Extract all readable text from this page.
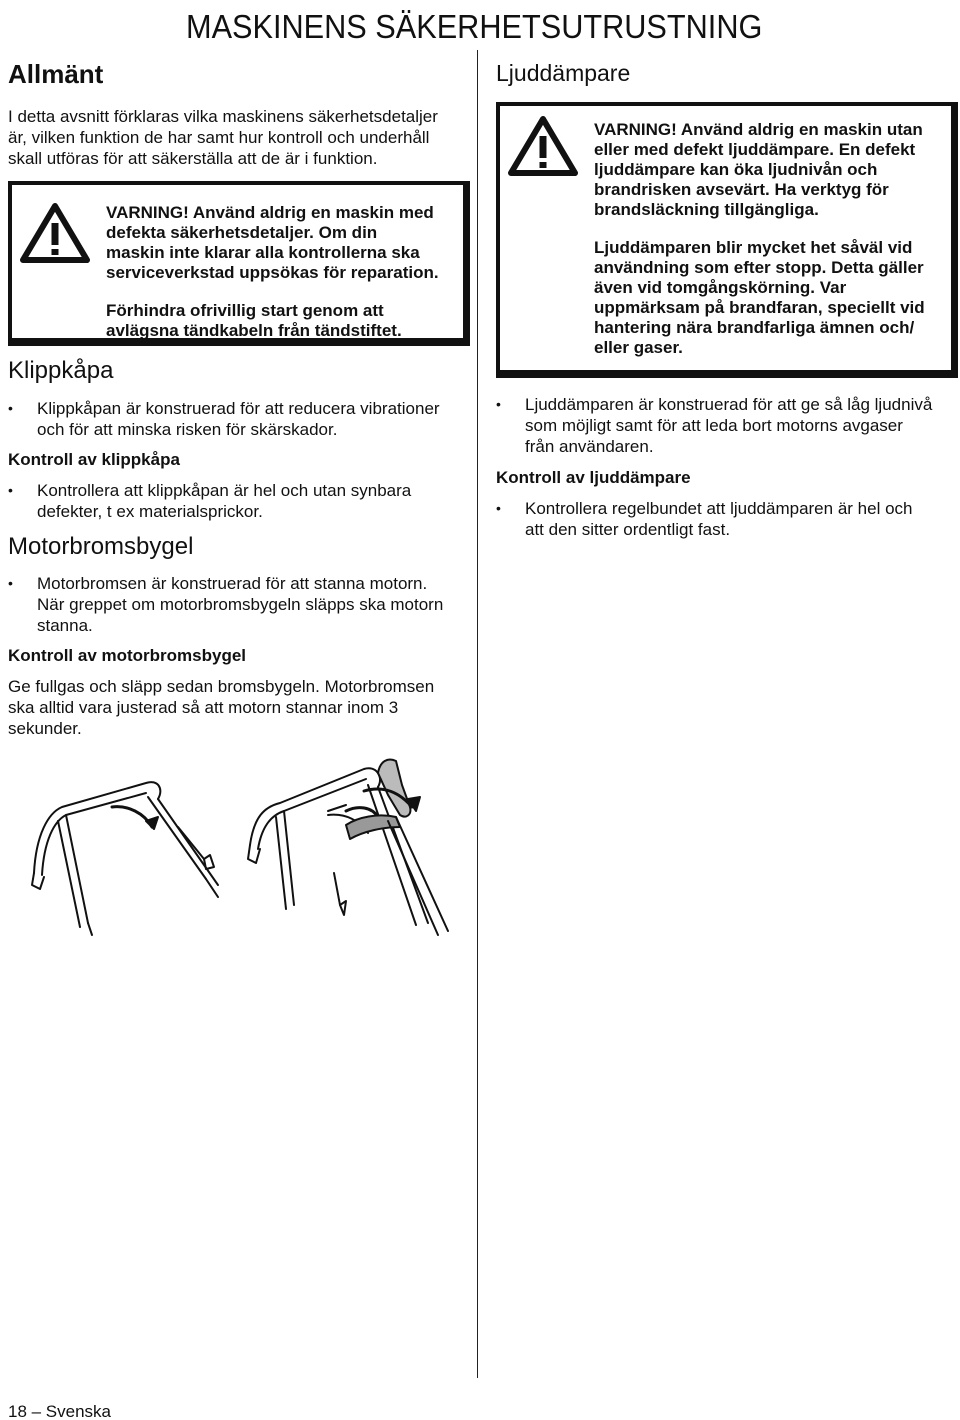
MASKINENS SÄKERHETSUTRUSTNING
Allmänt

I detta avsnitt förklaras vilka maskinens säkerhetsdetaljer
är, vilken funktion de har samt hur kontroll och underhåll
skall utföras för att säkerställa att de är i funktion.

VARNING! Använd aldrig en maskin med
defekta säkerhetsdetaljer. Om din
maskin inte klarar alla kontrollerna ska
serviceverkstad uppsökas för reparation.

Förhindra ofrivillig start genom att
avlägsna tändkabeln från tändstiftet.

Klippkåpa
• Klippkåpan är konstruerad för att reducera vibrationer
och för att minska risken för skärskador.
Kontroll av klippkåpa
• Kontrollera att klippkåpan är hel och utan synbara
defekter, t ex materialsprickor.
Motorbromsbygel
• Motorbromsen är konstruerad för att stanna motorn.
När greppet om motorbromsbygeln släpps ska motorn
stanna.
Kontroll av motorbromsbygel

Ge fullgas och släpp sedan bromsbygeln. Motorbromsen
ska alltid vara justerad så att motorn stannar inom 3
sekunder.

Ljuddämpare

VARNING! Använd aldrig en maskin utan
eller med defekt ljuddämpare. En defekt
ljuddämpare kan öka ljudnivån och
brandrisken avsevärt. Ha verktyg för
brandsläckning tillgängliga.

Ljuddämparen blir mycket het såväl vid
användning som efter stopp. Detta gäller
även vid tomgångskörning. Var
uppmärksam på brandfaran, speciellt vid
hantering nära brandfarliga ämnen och/
eller gaser.

• Ljuddämparen är konstruerad för att ge så låg ljudnivå
som möjligt samt för att leda bort motorns avgaser
från användaren.
Kontroll av ljuddämpare
• Kontrollera regelbundet att ljuddämparen är hel och
att den sitter ordentligt fast.
18 – Svenska
